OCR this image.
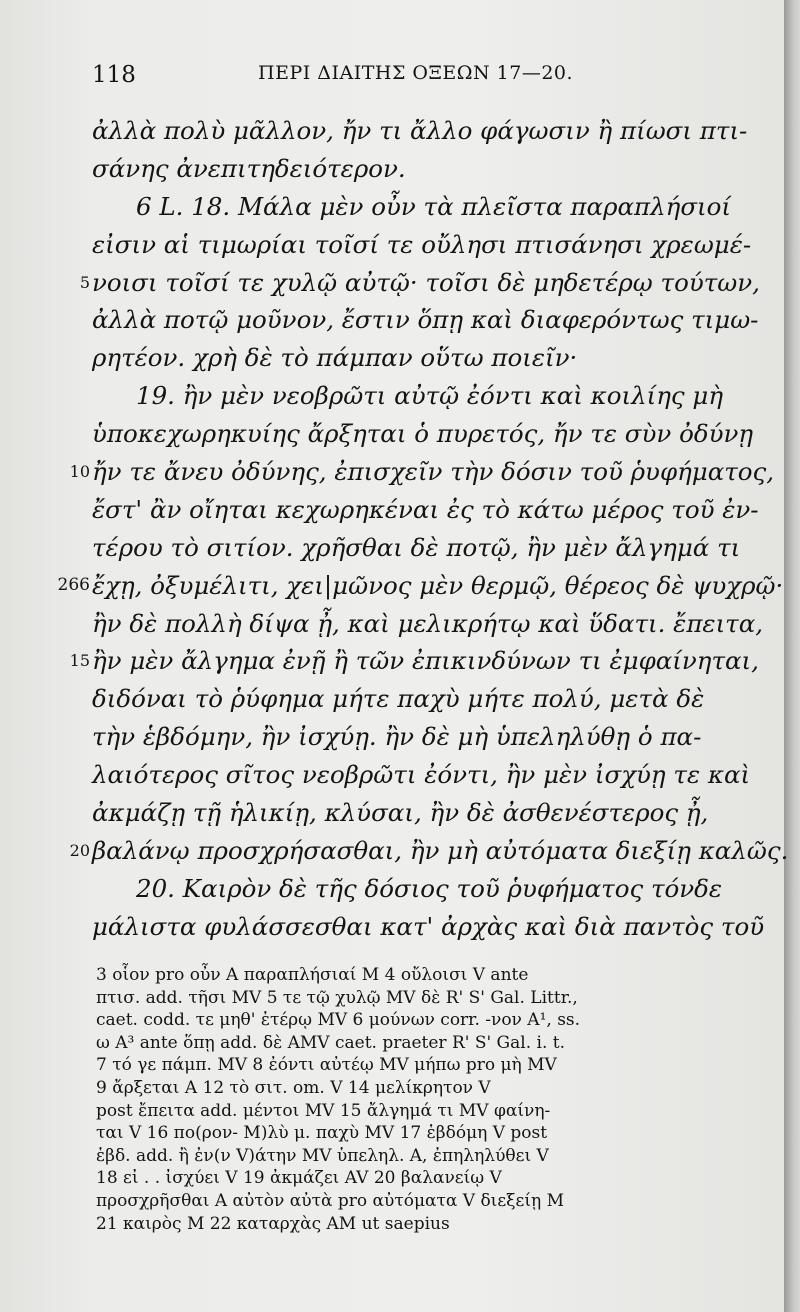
118	ΠΕΡΙ ΔΙΑΙΤΗΣ ΟΞΕΩΝ 17—20.
ἀλλὰ πολὺ μᾶλλον, ἤν τι ἄλλο φάγωσιν ἢ πίωσι πτι-
σάνης ἀνεπιτηδειότερον.
6 L. 18. Μάλα μὲν οὖν τὰ πλεῖστα παραπλήσιοί
εἰσιν αἱ τιμωρίαι τοῖσί τε οὔλησι πτισάνησι χρεωμέ-
5 νοισι τοῖσί τε χυλῷ αὐτῷ· τοῖσι δὲ μηδετέρῳ τούτων,
ἀλλὰ ποτῷ μοῦνον, ἔστιν ὅπῃ καὶ διαφερόντως τιμω-
ρητέον. χρὴ δὲ τὸ πάμπαν οὕτω ποιεῖν·
19. ἢν μὲν νεοβρῶτι αὐτῷ ἐόντι καὶ κοιλίης μὴ
ὑποκεχωρηκυίης ἄρξηται ὁ πυρετός, ἤν τε σὺν ὀδύνῃ
10 ἤν τε ἄνευ ὀδύνης, ἐπισχεῖν τὴν δόσιν τοῦ ῥυφήματος,
ἔστ' ἂν οἴηται κεχωρηκέναι ἐς τὸ κάτω μέρος τοῦ ἐν-
τέρου τὸ σιτίον. χρῆσθαι δὲ ποτῷ, ἢν μὲν ἄλγημά τι
266 ἔχῃ, ὀξυμέλιτι, χει|μῶνος μὲν θερμῷ, θέρεος δὲ ψυχρῷ·
ἢν δὲ πολλὴ δίψα ᾖ, καὶ μελικρήτῳ καὶ ὕδατι. ἔπειτα,
15 ἢν μὲν ἄλγημα ἐνῇ ἢ τῶν ἐπικινδύνων τι ἐμφαίνηται,
διδόναι τὸ ῥύφημα μήτε παχὺ μήτε πολύ, μετὰ δὲ
τὴν ἑβδόμην, ἢν ἰσχύῃ. ἢν δὲ μὴ ὑπεληλύθῃ ὁ πα-
λαιότερος σῖτος νεοβρῶτι ἐόντι, ἢν μὲν ἰσχύῃ τε καὶ
ἀκμάζῃ τῇ ἡλικίῃ, κλύσαι, ἢν δὲ ἀσθενέστερος ᾖ,
20 βαλάνῳ προσχρήσασθαι, ἢν μὴ αὐτόματα διεξίῃ καλῶς.
20. Καιρὸν δὲ τῆς δόσιος τοῦ ῥυφήματος τόνδε
μάλιστα φυλάσσεσθαι κατ' ἀρχὰς καὶ διὰ παντὸς τοῦ
3 οἷον pro οὖν A παραπλήσιαί M 4 οὔλοισι V ante
πτισ. add. τῆσι MV 5 τε τῷ χυλῷ MV δὲ R' S' Gal. Littr.,
caet. codd. τε μηθ' ἑτέρῳ MV 6 μούνων corr. -νον A¹, ss.
ω A³ ante ὅπῃ add. δὲ AMV caet. praeter R' S' Gal. i. t.
7 τό γε πάμπ. MV 8 ἐόντι αὐτέῳ MV μήπω pro μὴ MV
9 ἄρξεται A 12 τὸ σιτ. om. V 14 μελίκρητον V
post ἔπειτα add. μέντοι MV 15 ἄλγημά τι MV φαίνη-
ται V 16 πο(ρον- M)λὺ μ. παχὺ MV 17 ἑβδόμη V post
ἑβδ. add. ἢ ἐν(ν V)άτην MV ὑπεληλ. A, ἐπηληλύθει V
18 εἰ . . ἰσχύει V 19 ἀκμάζει AV 20 βαλανείῳ V
προσχρῆσθαι A αὐτὸν αὐτὰ pro αὐτόματα V διεξείῃ M
21 καιρὸς M 22 καταρχὰς AM ut saepius
